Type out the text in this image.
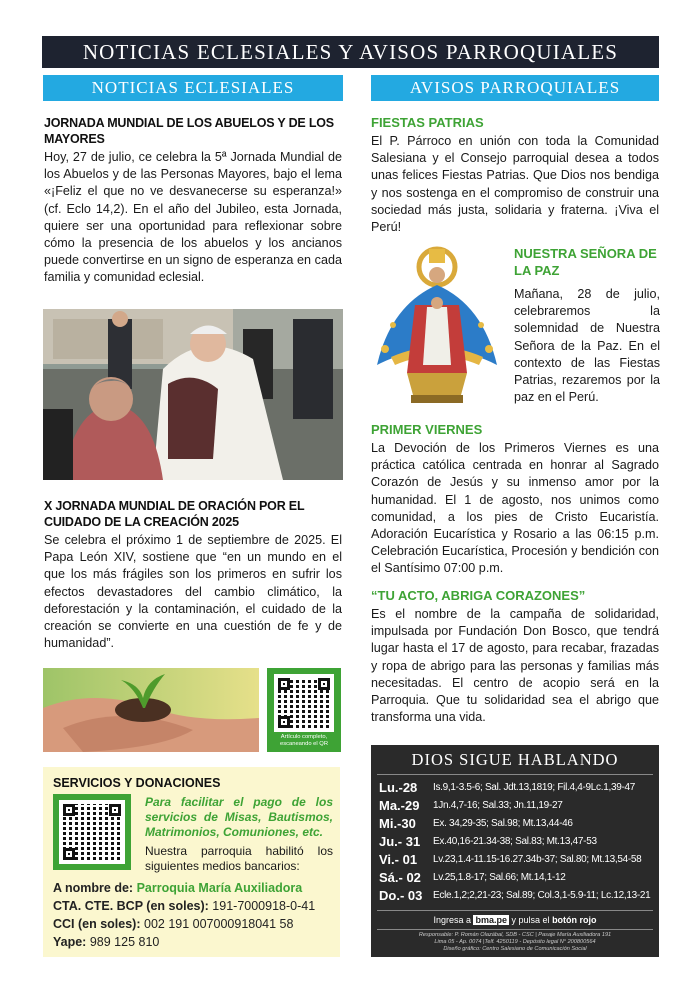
NOTICIAS ECLESIALES Y AVISOS PARROQUIALES
NOTICIAS ECLESIALES
JORNADA MUNDIAL DE LOS ABUELOS Y DE LOS MAYORES
Hoy, 27 de julio, ce celebra la 5ª Jornada Mundial de los Abuelos y de las Personas Mayores, bajo el lema «¡Feliz el que no ve desvanecerse su esperanza!» (cf. Eclo 14,2). En el año del Jubileo, esta Jornada, quiere ser una oportunidad para reflexionar sobre cómo la presencia de los abuelos y los ancianos puede convertirse en un signo de esperanza en cada familia y comunidad eclesial.
X JORNADA MUNDIAL DE ORACIÓN POR EL CUIDADO DE LA CREACIÓN 2025
Se celebra el próximo 1 de septiembre de 2025. El Papa León XIV, sostiene que “en un mundo en el que los más frágiles son los primeros en sufrir los efectos devastadores del cambio climático, la deforestación y la contaminación, el cuidado de la creación se convierte en una cuestión de fe y de humanidad”.
Artículo completo, escaneando el QR
SERVICIOS Y DONACIONES
Para facilitar el pago de los servicios de Misas, Bautismos, Matrimonios, Comuniones, etc.
Nuestra parroquia habilitó los siguientes medios bancarios:
A nombre de: Parroquia María Auxiliadora
CTA. CTE. BCP (en soles): 191-7000918-0-41
CCI (en soles): 002 191 007000918041 58
Yape: 989 125 810
AVISOS PARROQUIALES
FIESTAS PATRIAS
El P. Párroco en unión con toda la Comunidad Salesiana y el Consejo parroquial desea a todos unas felices Fiestas Patrias. Que Dios nos bendiga y nos sostenga en el compromiso de construir una sociedad más justa, solidaria y fraterna. ¡Viva el Perú!
NUESTRA SEÑORA DE LA PAZ
Mañana, 28 de julio, celebraremos la solemnidad de Nuestra Señora de la Paz. En el contexto de las Fiestas Patrias, rezaremos por la paz en el Perú.
PRIMER VIERNES
La Devoción de los Primeros Viernes es una práctica católica centrada en honrar al Sagrado Corazón de Jesús y su inmenso amor por la humanidad. El 1 de agosto, nos unimos como comunidad, a los pies de Cristo Eucaristía. Adoración Eucarística y Rosario a las 06:15 p.m. Celebración Eucarística, Procesión y bendición con el Santísimo 07:00 p.m.
“TU ACTO, ABRIGA CORAZONES”
Es el nombre de la campaña de solidaridad, impulsada por Fundación Don Bosco, que tendrá lugar hasta el 17 de agosto, para recabar, frazadas y ropa de abrigo para las personas y familias más necesitadas. El centro de acopio será en la Parroquia. Que tu solidaridad sea el abrigo que transforma una vida.
DIOS SIGUE HABLANDO
Lu.-28 Is.9,1-3.5-6; Sal. Jdt.13,1819; Fil.4,4-9Lc.1,39-47
Ma.-29 1Jn.4,7-16; Sal.33; Jn.11,19-27
Mi.-30 Ex. 34,29-35; Sal.98; Mt.13,44-46
Ju.- 31 Ex.40,16-21.34-38; Sal.83; Mt.13,47-53
Vi.- 01 Lv.23,1.4-11.15-16.27.34b-37; Sal.80; Mt.13,54-58
Sá.- 02 Lv.25,1.8-17; Sal.66; Mt.14,1-12
Do.- 03 Ecle.1,2;2,21-23; Sal.89; Col.3,1-5.9-11; Lc.12,13-21
Ingresa a bma.pe y pulsa el botón rojo
Responsable: P. Román Olazábal, SDB - CSC | Pasaje María Auxiliadora 191
Lima 05 - Ap. 0074 |Telf. 4250119 - Depósito legal N° 200800564
Diseño gráfico: Centro Salesiano de Comunicación Social
